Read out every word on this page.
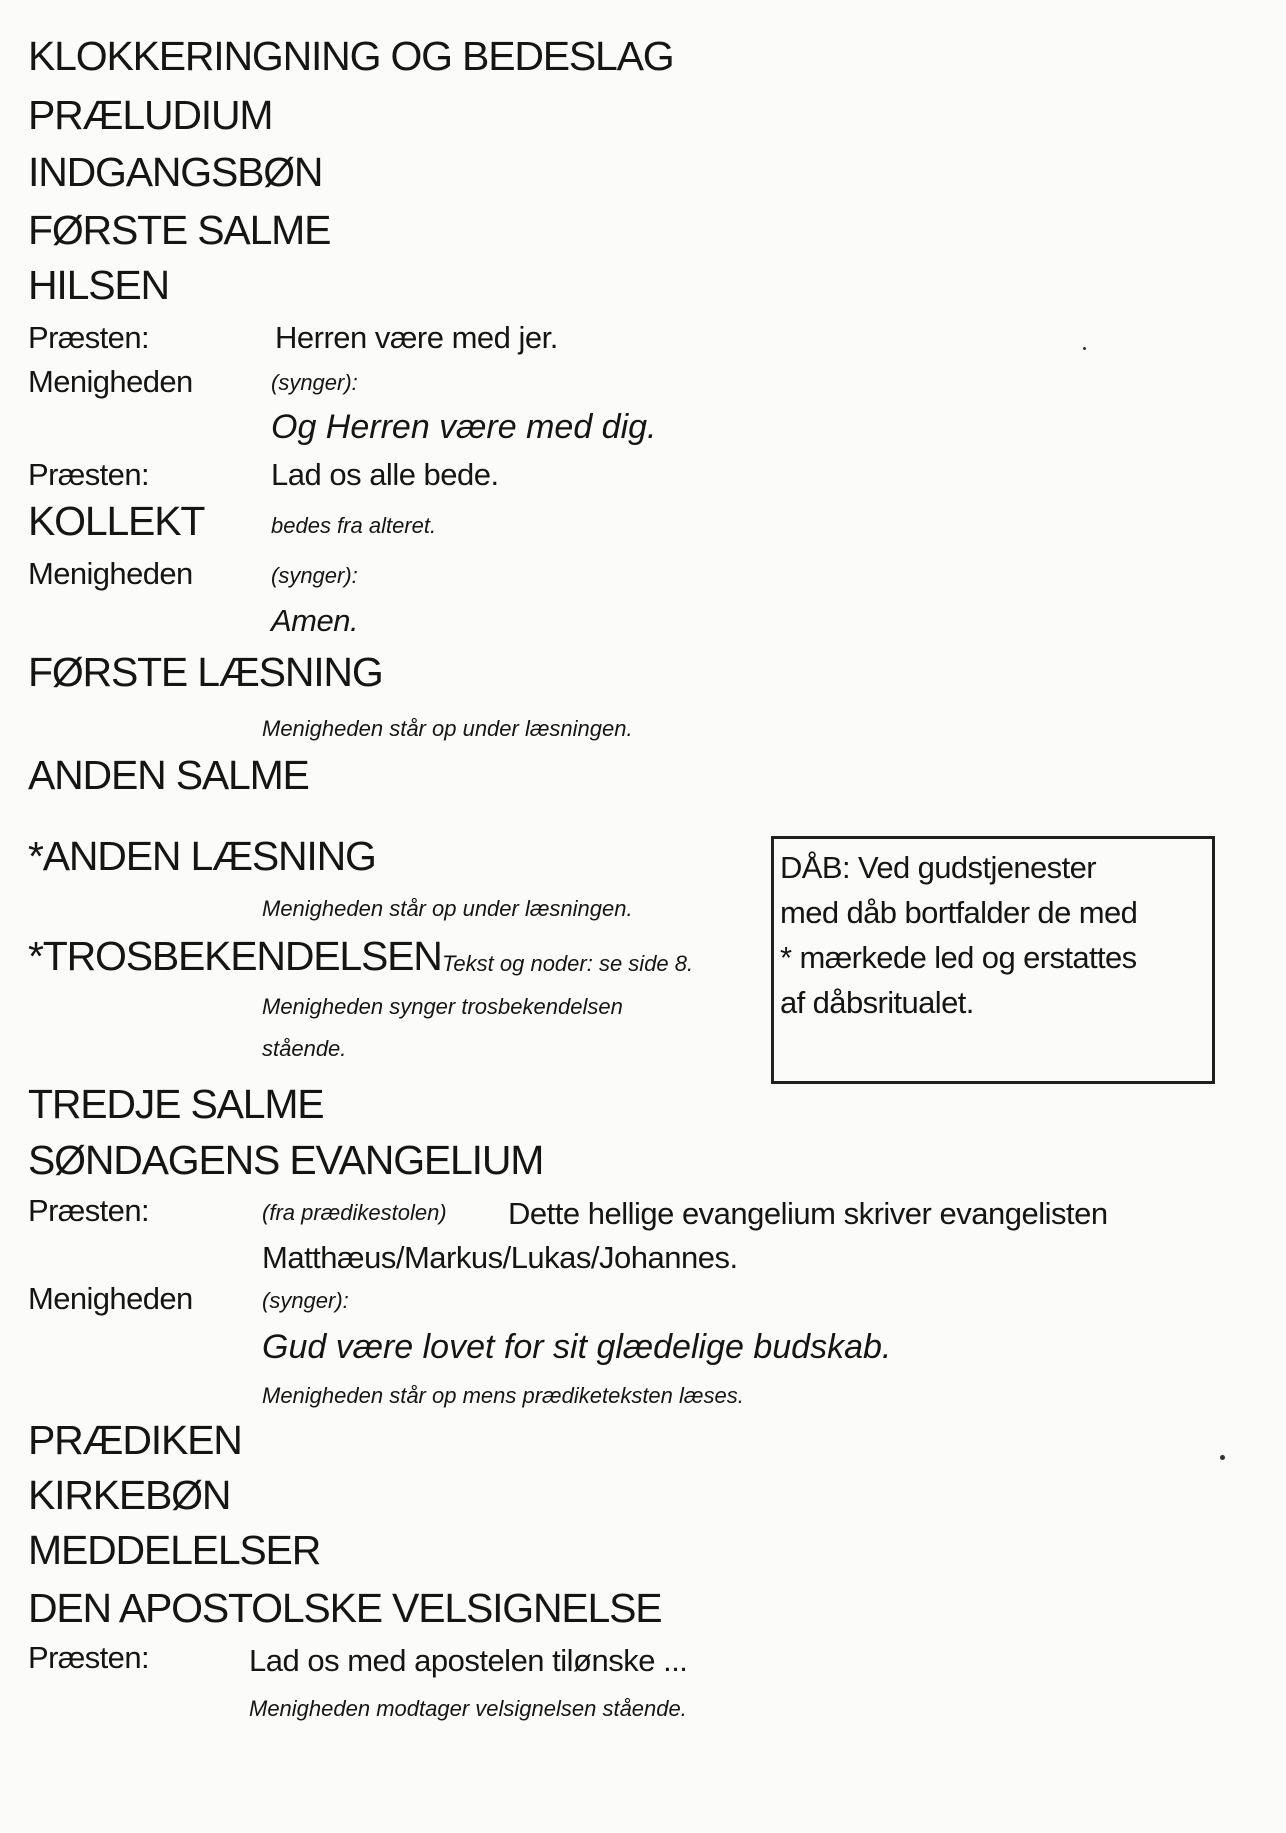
KLOKKERINGNING OG BEDESLAG
PRÆLUDIUM
INDGANGSBØN
FØRSTE SALME
HILSEN
Præsten:	Herren være med jer.
Menigheden	(synger):
Og Herren være med dig.
Præsten:	Lad os alle bede.
KOLLEKT	bedes fra alteret.
Menigheden	(synger):
Amen.
FØRSTE LÆSNING
Menigheden står op under læsningen.
ANDEN SALME
*ANDEN LÆSNING
Menigheden står op under læsningen.
*TROSBEKENDELSEN Tekst og noder: se side 8.
Menigheden synger trosbekendelsen
stående.
DÅB: Ved gudstjenester
med dåb bortfalder de med
* mærkede led og erstattes
af dåbsritualet.
TREDJE SALME
SØNDAGENS EVANGELIUM
Præsten:	(fra prædikestolen) Dette hellige evangelium skriver evangelisten
Matthæus/Markus/Lukas/Johannes.
Menigheden	(synger):
Gud være lovet for sit glædelige budskab.
Menigheden står op mens prædiketeksten læses.
PRÆDIKEN
KIRKEBØN
MEDDELELSER
DEN APOSTOLSKE VELSIGNELSE
Præsten:	Lad os med apostelen tilønske ...
Menigheden modtager velsignelsen stående.
